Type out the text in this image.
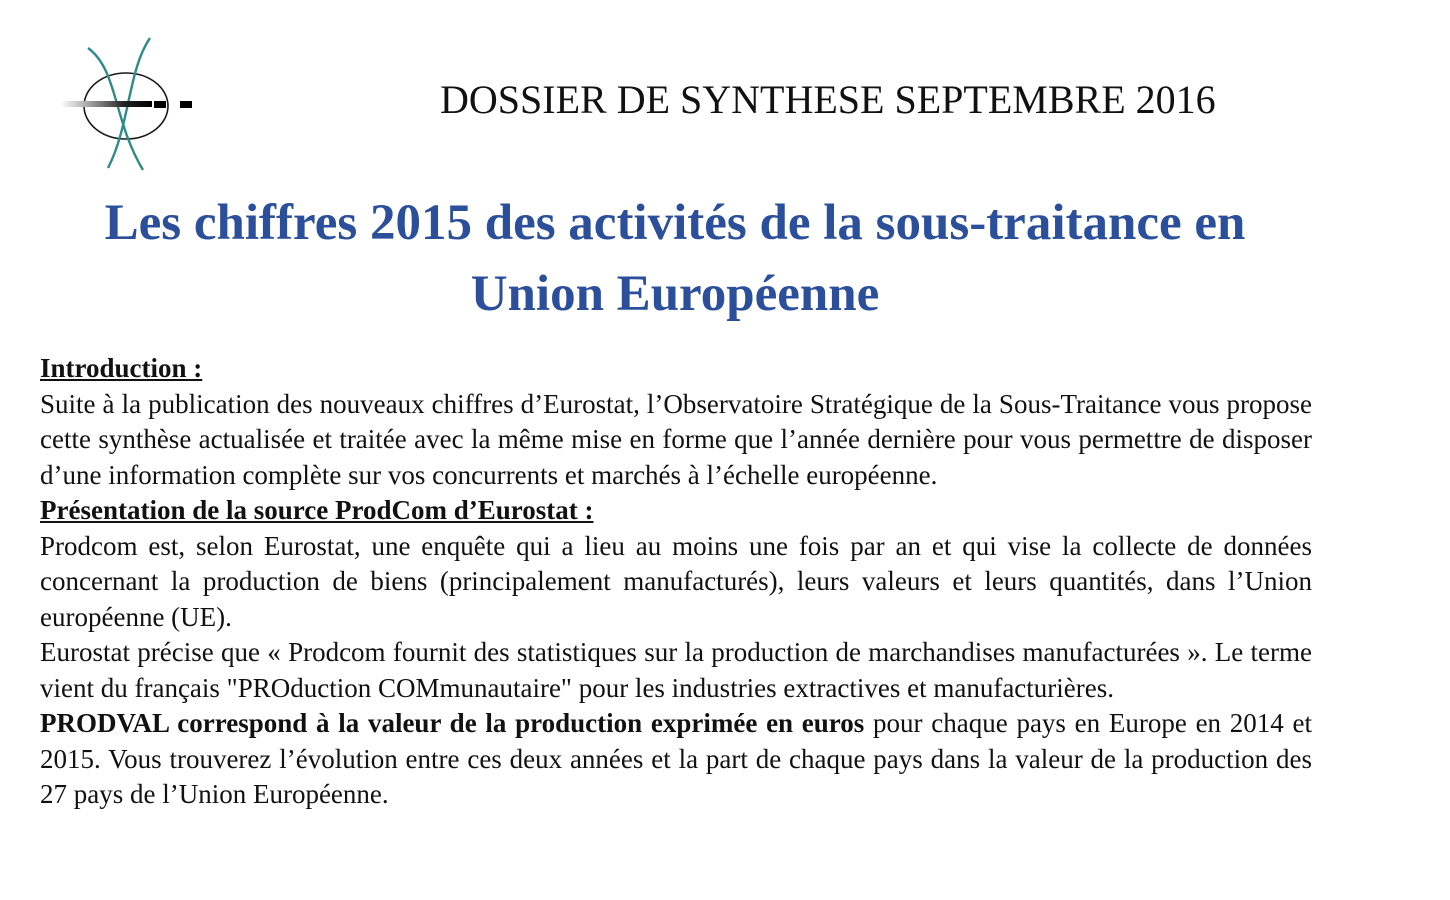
DOSSIER DE SYNTHESE SEPTEMBRE 2016
Les chiffres 2015 des activités de la sous-traitance en
Union Européenne
Introduction :

Suite à la publication des nouveaux chiffres d’Eurostat, l’Observatoire Stratégique de la Sous-Traitance vous propose cette synthèse actualisée et traitée avec la même mise en forme que l’année dernière pour vous permettre de disposer d’une information complète sur vos concurrents et marchés à l’échelle européenne.

Présentation de la source ProdCom d’Eurostat :

Prodcom est, selon Eurostat, une enquête qui a lieu au moins une fois par an et qui vise la collecte de données concernant la production de biens (principalement manufacturés), leurs valeurs et leurs quantités, dans l’Union européenne (UE).

Eurostat précise que « Prodcom fournit des statistiques sur la production de marchandises manufacturées ». Le terme vient du français "PROduction COMmunautaire" pour les industries extractives et manufacturières.

PRODVAL correspond à la valeur de la production exprimée en euros pour chaque pays en Europe en 2014 et 2015. Vous trouverez l’évolution entre ces deux années et la part de chaque pays dans la valeur de la production des 27 pays de l’Union Européenne.
